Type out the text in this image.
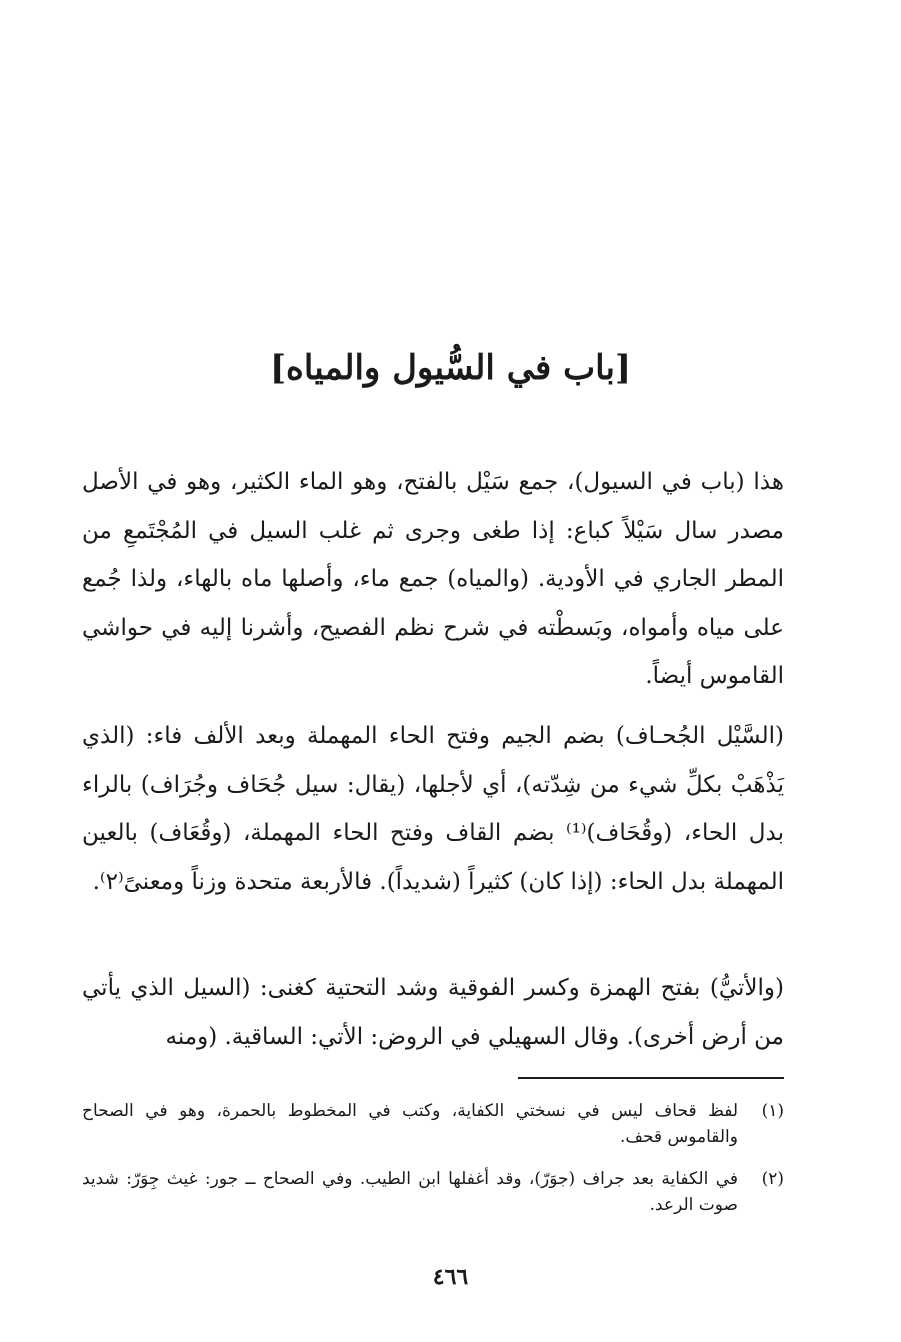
[باب في السُّيول والمياه]

هذا (باب في السيول)، جمع سَيْل بالفتح، وهو الماء الكثير، وهو في الأصل مصدر سال سَيْلاً كباع: إذا طغى وجرى ثم غلب السيل في المُجْتَمعِ من المطر الجاري في الأودية. (والمياه) جمع ماء، وأصلها ماه بالهاء، ولذا جُمع على مياه وأمواه، وبَسطْته في شرح نظم الفصيح، وأشرنا إليه في حواشي القاموس أيضاً.

(السَّيْل الجُحـاف) بضم الجيم وفتح الحاء المهملة وبعد الألف فاء: (الذي يَذْهَبْ بكلِّ شيء من شِدّته)، أي لأجلها، (يقال: سيل جُحَاف وجُرَاف) بالراء بدل الحاء، (وقُحَاف)⁽¹⁾ بضم القاف وفتح الحاء المهملة، (وقُعَاف) بالعين المهملة بدل الحاء: (إذا كان) كثيراً (شديداً). فالأربعة متحدة وزناً ومعنىً⁽٢⁾.

(والأتيُّ) بفتح الهمزة وكسر الفوقية وشد التحتية كغنى: (السيل الذي يأتي من أرض أخرى). وقال السهيلي في الروض: الأتي: الساقية. (ومنه

(١)
لفظ قحاف ليس في نسختي الكفاية، وكتب في المخطوط بالحمرة، وهو في الصحاح والقاموس قحف.
(٢)
في الكفاية بعد جراف (جوَرّ)، وقد أغفلها ابن الطيب. وفي الصحاح ــ جور: غيث جِوَرّ: شديد صوت الرعد.
٤٦٦
